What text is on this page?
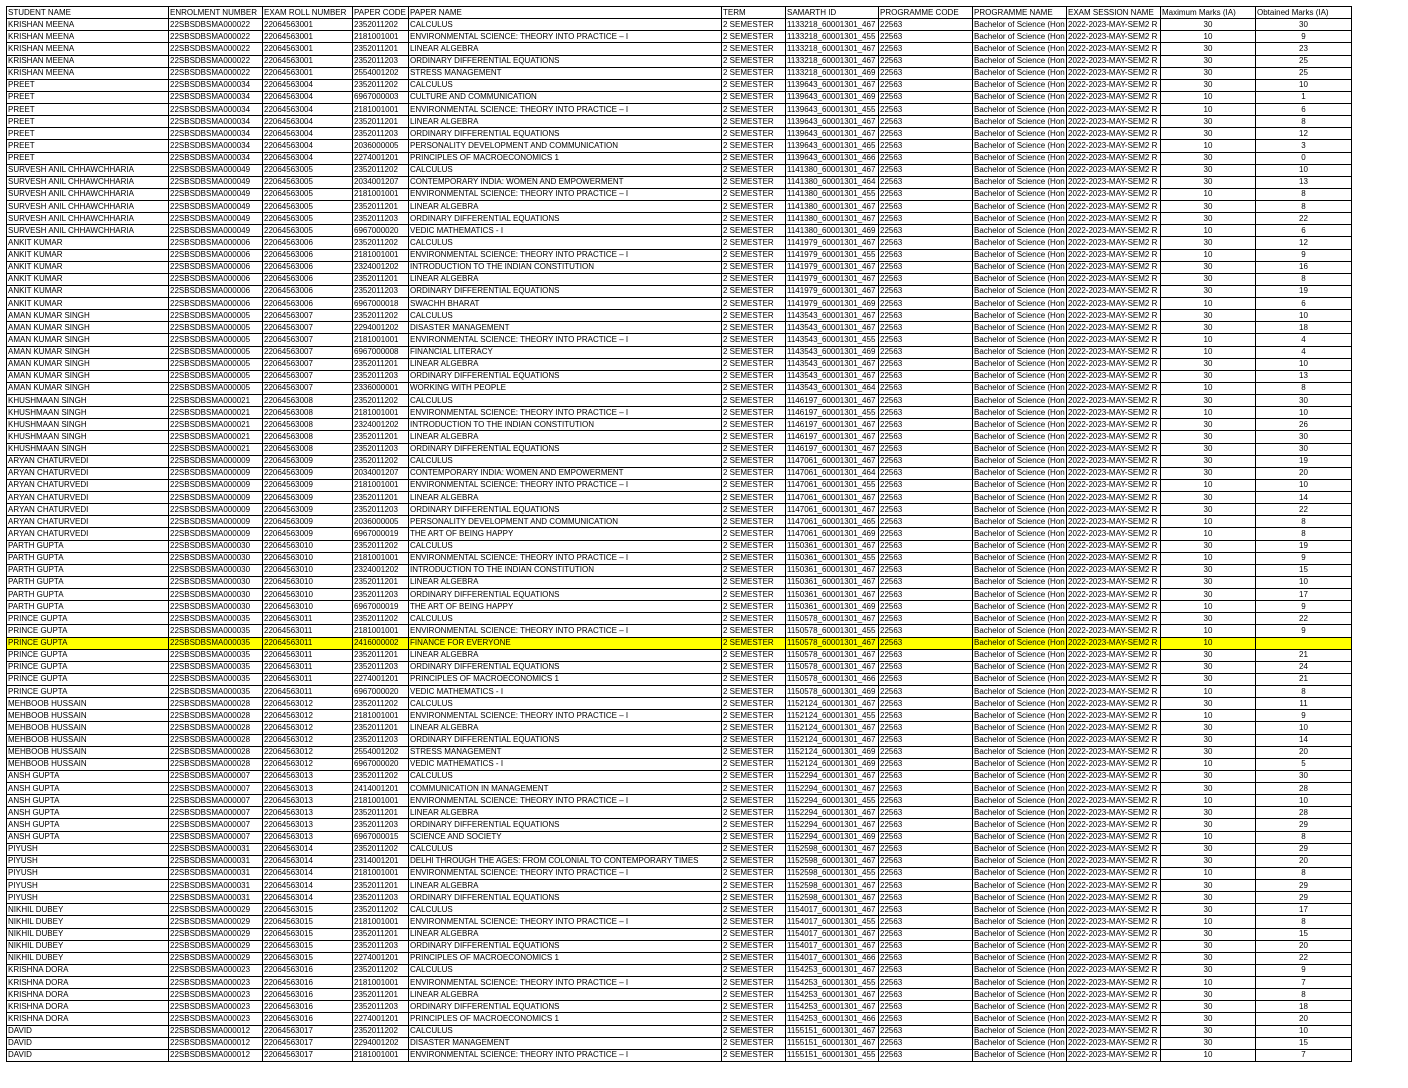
STUDENT NAME	ENROLMENT NUMBER	EXAM ROLL NUMBER	PAPER CODE	PAPER NAME	TERM	SAMARTH ID	PROGRAMME CODE	PROGRAMME NAME	EXAM SESSION NAME	Maximum Marks (IA)	Obtained Marks (IA)
KRISHAN MEENA	22SBSDBSMA000022	22064563001	2352011202	CALCULUS	2 SEMESTER	1133218_60001301_467	22563	Bachelor of Science (Hon	2022-2023-MAY-SEM2 R	30	30
KRISHAN MEENA	22SBSDBSMA000022	22064563001	2181001001	ENVIRONMENTAL SCIENCE: THEORY INTO PRACTICE – I	2 SEMESTER	1133218_60001301_455	22563	Bachelor of Science (Hon	2022-2023-MAY-SEM2 R	10	9
KRISHAN MEENA	22SBSDBSMA000022	22064563001	2352011201	LINEAR ALGEBRA	2 SEMESTER	1133218_60001301_467	22563	Bachelor of Science (Hon	2022-2023-MAY-SEM2 R	30	23
KRISHAN MEENA	22SBSDBSMA000022	22064563001	2352011203	ORDINARY DIFFERENTIAL EQUATIONS	2 SEMESTER	1133218_60001301_467	22563	Bachelor of Science (Hon	2022-2023-MAY-SEM2 R	30	25
KRISHAN MEENA	22SBSDBSMA000022	22064563001	2554001202	STRESS MANAGEMENT	2 SEMESTER	1133218_60001301_469	22563	Bachelor of Science (Hon	2022-2023-MAY-SEM2 R	30	25
PREET	22SBSDBSMA000034	22064563004	2352011202	CALCULUS	2 SEMESTER	1139643_60001301_467	22563	Bachelor of Science (Hon	2022-2023-MAY-SEM2 R	30	10
PREET	22SBSDBSMA000034	22064563004	6967000003	CULTURE AND COMMUNICATION	2 SEMESTER	1139643_60001301_469	22563	Bachelor of Science (Hon	2022-2023-MAY-SEM2 R	10	1
PREET	22SBSDBSMA000034	22064563004	2181001001	ENVIRONMENTAL SCIENCE: THEORY INTO PRACTICE – I	2 SEMESTER	1139643_60001301_455	22563	Bachelor of Science (Hon	2022-2023-MAY-SEM2 R	10	6
PREET	22SBSDBSMA000034	22064563004	2352011201	LINEAR ALGEBRA	2 SEMESTER	1139643_60001301_467	22563	Bachelor of Science (Hon	2022-2023-MAY-SEM2 R	30	8
PREET	22SBSDBSMA000034	22064563004	2352011203	ORDINARY DIFFERENTIAL EQUATIONS	2 SEMESTER	1139643_60001301_467	22563	Bachelor of Science (Hon	2022-2023-MAY-SEM2 R	30	12
PREET	22SBSDBSMA000034	22064563004	2036000005	PERSONALITY DEVELOPMENT AND COMMUNICATION	2 SEMESTER	1139643_60001301_465	22563	Bachelor of Science (Hon	2022-2023-MAY-SEM2 R	10	3
PREET	22SBSDBSMA000034	22064563004	2274001201	PRINCIPLES OF MACROECONOMICS 1	2 SEMESTER	1139643_60001301_466	22563	Bachelor of Science (Hon	2022-2023-MAY-SEM2 R	30	0
SURVESH ANIL CHHAWCHHARIA	22SBSDBSMA000049	22064563005	2352011202	CALCULUS	2 SEMESTER	1141380_60001301_467	22563	Bachelor of Science (Hon	2022-2023-MAY-SEM2 R	30	10
SURVESH ANIL CHHAWCHHARIA	22SBSDBSMA000049	22064563005	2034001207	CONTEMPORARY INDIA: WOMEN AND EMPOWERMENT	2 SEMESTER	1141380_60001301_464	22563	Bachelor of Science (Hon	2022-2023-MAY-SEM2 R	30	13
SURVESH ANIL CHHAWCHHARIA	22SBSDBSMA000049	22064563005	2181001001	ENVIRONMENTAL SCIENCE: THEORY INTO PRACTICE – I	2 SEMESTER	1141380_60001301_455	22563	Bachelor of Science (Hon	2022-2023-MAY-SEM2 R	10	8
SURVESH ANIL CHHAWCHHARIA	22SBSDBSMA000049	22064563005	2352011201	LINEAR ALGEBRA	2 SEMESTER	1141380_60001301_467	22563	Bachelor of Science (Hon	2022-2023-MAY-SEM2 R	30	8
SURVESH ANIL CHHAWCHHARIA	22SBSDBSMA000049	22064563005	2352011203	ORDINARY DIFFERENTIAL EQUATIONS	2 SEMESTER	1141380_60001301_467	22563	Bachelor of Science (Hon	2022-2023-MAY-SEM2 R	30	22
SURVESH ANIL CHHAWCHHARIA	22SBSDBSMA000049	22064563005	6967000020	VEDIC MATHEMATICS - I	2 SEMESTER	1141380_60001301_469	22563	Bachelor of Science (Hon	2022-2023-MAY-SEM2 R	10	6
ANKIT KUMAR	22SBSDBSMA000006	22064563006	2352011202	CALCULUS	2 SEMESTER	1141979_60001301_467	22563	Bachelor of Science (Hon	2022-2023-MAY-SEM2 R	30	12
ANKIT KUMAR	22SBSDBSMA000006	22064563006	2181001001	ENVIRONMENTAL SCIENCE: THEORY INTO PRACTICE – I	2 SEMESTER	1141979_60001301_455	22563	Bachelor of Science (Hon	2022-2023-MAY-SEM2 R	10	9
ANKIT KUMAR	22SBSDBSMA000006	22064563006	2324001202	INTRODUCTION TO THE INDIAN CONSTITUTION	2 SEMESTER	1141979_60001301_467	22563	Bachelor of Science (Hon	2022-2023-MAY-SEM2 R	30	16
ANKIT KUMAR	22SBSDBSMA000006	22064563006	2352011201	LINEAR ALGEBRA	2 SEMESTER	1141979_60001301_467	22563	Bachelor of Science (Hon	2022-2023-MAY-SEM2 R	30	8
ANKIT KUMAR	22SBSDBSMA000006	22064563006	2352011203	ORDINARY DIFFERENTIAL EQUATIONS	2 SEMESTER	1141979_60001301_467	22563	Bachelor of Science (Hon	2022-2023-MAY-SEM2 R	30	19
ANKIT KUMAR	22SBSDBSMA000006	22064563006	6967000018	SWACHH BHARAT	2 SEMESTER	1141979_60001301_469	22563	Bachelor of Science (Hon	2022-2023-MAY-SEM2 R	10	6
AMAN KUMAR SINGH	22SBSDBSMA000005	22064563007	2352011202	CALCULUS	2 SEMESTER	1143543_60001301_467	22563	Bachelor of Science (Hon	2022-2023-MAY-SEM2 R	30	10
AMAN KUMAR SINGH	22SBSDBSMA000005	22064563007	2294001202	DISASTER MANAGEMENT	2 SEMESTER	1143543_60001301_467	22563	Bachelor of Science (Hon	2022-2023-MAY-SEM2 R	30	18
AMAN KUMAR SINGH	22SBSDBSMA000005	22064563007	2181001001	ENVIRONMENTAL SCIENCE: THEORY INTO PRACTICE – I	2 SEMESTER	1143543_60001301_455	22563	Bachelor of Science (Hon	2022-2023-MAY-SEM2 R	10	4
AMAN KUMAR SINGH	22SBSDBSMA000005	22064563007	6967000008	FINANCIAL LITERACY	2 SEMESTER	1143543_60001301_469	22563	Bachelor of Science (Hon	2022-2023-MAY-SEM2 R	10	4
AMAN KUMAR SINGH	22SBSDBSMA000005	22064563007	2352011201	LINEAR ALGEBRA	2 SEMESTER	1143543_60001301_467	22563	Bachelor of Science (Hon	2022-2023-MAY-SEM2 R	30	10
AMAN KUMAR SINGH	22SBSDBSMA000005	22064563007	2352011203	ORDINARY DIFFERENTIAL EQUATIONS	2 SEMESTER	1143543_60001301_467	22563	Bachelor of Science (Hon	2022-2023-MAY-SEM2 R	30	13
AMAN KUMAR SINGH	22SBSDBSMA000005	22064563007	2336000001	WORKING WITH PEOPLE	2 SEMESTER	1143543_60001301_464	22563	Bachelor of Science (Hon	2022-2023-MAY-SEM2 R	10	8
KHUSHMAAN SINGH	22SBSDBSMA000021	22064563008	2352011202	CALCULUS	2 SEMESTER	1146197_60001301_467	22563	Bachelor of Science (Hon	2022-2023-MAY-SEM2 R	30	30
KHUSHMAAN SINGH	22SBSDBSMA000021	22064563008	2181001001	ENVIRONMENTAL SCIENCE: THEORY INTO PRACTICE – I	2 SEMESTER	1146197_60001301_455	22563	Bachelor of Science (Hon	2022-2023-MAY-SEM2 R	10	10
KHUSHMAAN SINGH	22SBSDBSMA000021	22064563008	2324001202	INTRODUCTION TO THE INDIAN CONSTITUTION	2 SEMESTER	1146197_60001301_467	22563	Bachelor of Science (Hon	2022-2023-MAY-SEM2 R	30	26
KHUSHMAAN SINGH	22SBSDBSMA000021	22064563008	2352011201	LINEAR ALGEBRA	2 SEMESTER	1146197_60001301_467	22563	Bachelor of Science (Hon	2022-2023-MAY-SEM2 R	30	30
KHUSHMAAN SINGH	22SBSDBSMA000021	22064563008	2352011203	ORDINARY DIFFERENTIAL EQUATIONS	2 SEMESTER	1146197_60001301_467	22563	Bachelor of Science (Hon	2022-2023-MAY-SEM2 R	30	30
ARYAN CHATURVEDI	22SBSDBSMA000009	22064563009	2352011202	CALCULUS	2 SEMESTER	1147061_60001301_467	22563	Bachelor of Science (Hon	2022-2023-MAY-SEM2 R	30	19
ARYAN CHATURVEDI	22SBSDBSMA000009	22064563009	2034001207	CONTEMPORARY INDIA: WOMEN AND EMPOWERMENT	2 SEMESTER	1147061_60001301_464	22563	Bachelor of Science (Hon	2022-2023-MAY-SEM2 R	30	20
ARYAN CHATURVEDI	22SBSDBSMA000009	22064563009	2181001001	ENVIRONMENTAL SCIENCE: THEORY INTO PRACTICE – I	2 SEMESTER	1147061_60001301_455	22563	Bachelor of Science (Hon	2022-2023-MAY-SEM2 R	10	10
ARYAN CHATURVEDI	22SBSDBSMA000009	22064563009	2352011201	LINEAR ALGEBRA	2 SEMESTER	1147061_60001301_467	22563	Bachelor of Science (Hon	2022-2023-MAY-SEM2 R	30	14
ARYAN CHATURVEDI	22SBSDBSMA000009	22064563009	2352011203	ORDINARY DIFFERENTIAL EQUATIONS	2 SEMESTER	1147061_60001301_467	22563	Bachelor of Science (Hon	2022-2023-MAY-SEM2 R	30	22
ARYAN CHATURVEDI	22SBSDBSMA000009	22064563009	2036000005	PERSONALITY DEVELOPMENT AND COMMUNICATION	2 SEMESTER	1147061_60001301_465	22563	Bachelor of Science (Hon	2022-2023-MAY-SEM2 R	10	8
ARYAN CHATURVEDI	22SBSDBSMA000009	22064563009	6967000019	THE ART OF BEING HAPPY	2 SEMESTER	1147061_60001301_469	22563	Bachelor of Science (Hon	2022-2023-MAY-SEM2 R	10	8
PARTH GUPTA	22SBSDBSMA000030	22064563010	2352011202	CALCULUS	2 SEMESTER	1150361_60001301_467	22563	Bachelor of Science (Hon	2022-2023-MAY-SEM2 R	30	19
PARTH GUPTA	22SBSDBSMA000030	22064563010	2181001001	ENVIRONMENTAL SCIENCE: THEORY INTO PRACTICE – I	2 SEMESTER	1150361_60001301_455	22563	Bachelor of Science (Hon	2022-2023-MAY-SEM2 R	10	9
PARTH GUPTA	22SBSDBSMA000030	22064563010	2324001202	INTRODUCTION TO THE INDIAN CONSTITUTION	2 SEMESTER	1150361_60001301_467	22563	Bachelor of Science (Hon	2022-2023-MAY-SEM2 R	30	15
PARTH GUPTA	22SBSDBSMA000030	22064563010	2352011201	LINEAR ALGEBRA	2 SEMESTER	1150361_60001301_467	22563	Bachelor of Science (Hon	2022-2023-MAY-SEM2 R	30	10
PARTH GUPTA	22SBSDBSMA000030	22064563010	2352011203	ORDINARY DIFFERENTIAL EQUATIONS	2 SEMESTER	1150361_60001301_467	22563	Bachelor of Science (Hon	2022-2023-MAY-SEM2 R	30	17
PARTH GUPTA	22SBSDBSMA000030	22064563010	6967000019	THE ART OF BEING HAPPY	2 SEMESTER	1150361_60001301_469	22563	Bachelor of Science (Hon	2022-2023-MAY-SEM2 R	10	9
PRINCE GUPTA	22SBSDBSMA000035	22064563011	2352011202	CALCULUS	2 SEMESTER	1150578_60001301_467	22563	Bachelor of Science (Hon	2022-2023-MAY-SEM2 R	30	22
PRINCE GUPTA	22SBSDBSMA000035	22064563011	2181001001	ENVIRONMENTAL SCIENCE: THEORY INTO PRACTICE – I	2 SEMESTER	1150578_60001301_455	22563	Bachelor of Science (Hon	2022-2023-MAY-SEM2 R	10	9
PRINCE GUPTA	22SBSDBSMA000035	22064563011	2416000002	FINANCE FOR EVERYONE	2 SEMESTER	1150578_60001301_467	22563	Bachelor of Science (Hon	2022-2023-MAY-SEM2 R	10	
PRINCE GUPTA	22SBSDBSMA000035	22064563011	2352011201	LINEAR ALGEBRA	2 SEMESTER	1150578_60001301_467	22563	Bachelor of Science (Hon	2022-2023-MAY-SEM2 R	30	21
PRINCE GUPTA	22SBSDBSMA000035	22064563011	2352011203	ORDINARY DIFFERENTIAL EQUATIONS	2 SEMESTER	1150578_60001301_467	22563	Bachelor of Science (Hon	2022-2023-MAY-SEM2 R	30	24
PRINCE GUPTA	22SBSDBSMA000035	22064563011	2274001201	PRINCIPLES OF MACROECONOMICS 1	2 SEMESTER	1150578_60001301_466	22563	Bachelor of Science (Hon	2022-2023-MAY-SEM2 R	30	21
PRINCE GUPTA	22SBSDBSMA000035	22064563011	6967000020	VEDIC MATHEMATICS - I	2 SEMESTER	1150578_60001301_469	22563	Bachelor of Science (Hon	2022-2023-MAY-SEM2 R	10	8
MEHBOOB HUSSAIN	22SBSDBSMA000028	22064563012	2352011202	CALCULUS	2 SEMESTER	1152124_60001301_467	22563	Bachelor of Science (Hon	2022-2023-MAY-SEM2 R	30	11
MEHBOOB HUSSAIN	22SBSDBSMA000028	22064563012	2181001001	ENVIRONMENTAL SCIENCE: THEORY INTO PRACTICE – I	2 SEMESTER	1152124_60001301_455	22563	Bachelor of Science (Hon	2022-2023-MAY-SEM2 R	10	9
MEHBOOB HUSSAIN	22SBSDBSMA000028	22064563012	2352011201	LINEAR ALGEBRA	2 SEMESTER	1152124_60001301_467	22563	Bachelor of Science (Hon	2022-2023-MAY-SEM2 R	30	10
MEHBOOB HUSSAIN	22SBSDBSMA000028	22064563012	2352011203	ORDINARY DIFFERENTIAL EQUATIONS	2 SEMESTER	1152124_60001301_467	22563	Bachelor of Science (Hon	2022-2023-MAY-SEM2 R	30	14
MEHBOOB HUSSAIN	22SBSDBSMA000028	22064563012	2554001202	STRESS MANAGEMENT	2 SEMESTER	1152124_60001301_469	22563	Bachelor of Science (Hon	2022-2023-MAY-SEM2 R	30	20
MEHBOOB HUSSAIN	22SBSDBSMA000028	22064563012	6967000020	VEDIC MATHEMATICS - I	2 SEMESTER	1152124_60001301_469	22563	Bachelor of Science (Hon	2022-2023-MAY-SEM2 R	10	5
ANSH GUPTA	22SBSDBSMA000007	22064563013	2352011202	CALCULUS	2 SEMESTER	1152294_60001301_467	22563	Bachelor of Science (Hon	2022-2023-MAY-SEM2 R	30	30
ANSH GUPTA	22SBSDBSMA000007	22064563013	2414001201	COMMUNICATION IN MANAGEMENT	2 SEMESTER	1152294_60001301_467	22563	Bachelor of Science (Hon	2022-2023-MAY-SEM2 R	30	28
ANSH GUPTA	22SBSDBSMA000007	22064563013	2181001001	ENVIRONMENTAL SCIENCE: THEORY INTO PRACTICE – I	2 SEMESTER	1152294_60001301_455	22563	Bachelor of Science (Hon	2022-2023-MAY-SEM2 R	10	10
ANSH GUPTA	22SBSDBSMA000007	22064563013	2352011201	LINEAR ALGEBRA	2 SEMESTER	1152294_60001301_467	22563	Bachelor of Science (Hon	2022-2023-MAY-SEM2 R	30	28
ANSH GUPTA	22SBSDBSMA000007	22064563013	2352011203	ORDINARY DIFFERENTIAL EQUATIONS	2 SEMESTER	1152294_60001301_467	22563	Bachelor of Science (Hon	2022-2023-MAY-SEM2 R	30	29
ANSH GUPTA	22SBSDBSMA000007	22064563013	6967000015	SCIENCE AND SOCIETY	2 SEMESTER	1152294_60001301_469	22563	Bachelor of Science (Hon	2022-2023-MAY-SEM2 R	10	8
PIYUSH	22SBSDBSMA000031	22064563014	2352011202	CALCULUS	2 SEMESTER	1152598_60001301_467	22563	Bachelor of Science (Hon	2022-2023-MAY-SEM2 R	30	29
PIYUSH	22SBSDBSMA000031	22064563014	2314001201	DELHI THROUGH THE AGES: FROM COLONIAL TO CONTEMPORARY TIMES	2 SEMESTER	1152598_60001301_467	22563	Bachelor of Science (Hon	2022-2023-MAY-SEM2 R	30	20
PIYUSH	22SBSDBSMA000031	22064563014	2181001001	ENVIRONMENTAL SCIENCE: THEORY INTO PRACTICE – I	2 SEMESTER	1152598_60001301_455	22563	Bachelor of Science (Hon	2022-2023-MAY-SEM2 R	10	8
PIYUSH	22SBSDBSMA000031	22064563014	2352011201	LINEAR ALGEBRA	2 SEMESTER	1152598_60001301_467	22563	Bachelor of Science (Hon	2022-2023-MAY-SEM2 R	30	29
PIYUSH	22SBSDBSMA000031	22064563014	2352011203	ORDINARY DIFFERENTIAL EQUATIONS	2 SEMESTER	1152598_60001301_467	22563	Bachelor of Science (Hon	2022-2023-MAY-SEM2 R	30	29
NIKHIL DUBEY	22SBSDBSMA000029	22064563015	2352011202	CALCULUS	2 SEMESTER	1154017_60001301_467	22563	Bachelor of Science (Hon	2022-2023-MAY-SEM2 R	30	17
NIKHIL DUBEY	22SBSDBSMA000029	22064563015	2181001001	ENVIRONMENTAL SCIENCE: THEORY INTO PRACTICE – I	2 SEMESTER	1154017_60001301_455	22563	Bachelor of Science (Hon	2022-2023-MAY-SEM2 R	10	8
NIKHIL DUBEY	22SBSDBSMA000029	22064563015	2352011201	LINEAR ALGEBRA	2 SEMESTER	1154017_60001301_467	22563	Bachelor of Science (Hon	2022-2023-MAY-SEM2 R	30	15
NIKHIL DUBEY	22SBSDBSMA000029	22064563015	2352011203	ORDINARY DIFFERENTIAL EQUATIONS	2 SEMESTER	1154017_60001301_467	22563	Bachelor of Science (Hon	2022-2023-MAY-SEM2 R	30	20
NIKHIL DUBEY	22SBSDBSMA000029	22064563015	2274001201	PRINCIPLES OF MACROECONOMICS 1	2 SEMESTER	1154017_60001301_466	22563	Bachelor of Science (Hon	2022-2023-MAY-SEM2 R	30	22
KRISHNA DORA	22SBSDBSMA000023	22064563016	2352011202	CALCULUS	2 SEMESTER	1154253_60001301_467	22563	Bachelor of Science (Hon	2022-2023-MAY-SEM2 R	30	9
KRISHNA DORA	22SBSDBSMA000023	22064563016	2181001001	ENVIRONMENTAL SCIENCE: THEORY INTO PRACTICE – I	2 SEMESTER	1154253_60001301_455	22563	Bachelor of Science (Hon	2022-2023-MAY-SEM2 R	10	7
KRISHNA DORA	22SBSDBSMA000023	22064563016	2352011201	LINEAR ALGEBRA	2 SEMESTER	1154253_60001301_467	22563	Bachelor of Science (Hon	2022-2023-MAY-SEM2 R	30	8
KRISHNA DORA	22SBSDBSMA000023	22064563016	2352011203	ORDINARY DIFFERENTIAL EQUATIONS	2 SEMESTER	1154253_60001301_467	22563	Bachelor of Science (Hon	2022-2023-MAY-SEM2 R	30	18
KRISHNA DORA	22SBSDBSMA000023	22064563016	2274001201	PRINCIPLES OF MACROECONOMICS 1	2 SEMESTER	1154253_60001301_466	22563	Bachelor of Science (Hon	2022-2023-MAY-SEM2 R	30	20
DAVID	22SBSDBSMA000012	22064563017	2352011202	CALCULUS	2 SEMESTER	1155151_60001301_467	22563	Bachelor of Science (Hon	2022-2023-MAY-SEM2 R	30	10
DAVID	22SBSDBSMA000012	22064563017	2294001202	DISASTER MANAGEMENT	2 SEMESTER	1155151_60001301_467	22563	Bachelor of Science (Hon	2022-2023-MAY-SEM2 R	30	15
DAVID	22SBSDBSMA000012	22064563017	2181001001	ENVIRONMENTAL SCIENCE: THEORY INTO PRACTICE – I	2 SEMESTER	1155151_60001301_455	22563	Bachelor of Science (Hon	2022-2023-MAY-SEM2 R	10	7
